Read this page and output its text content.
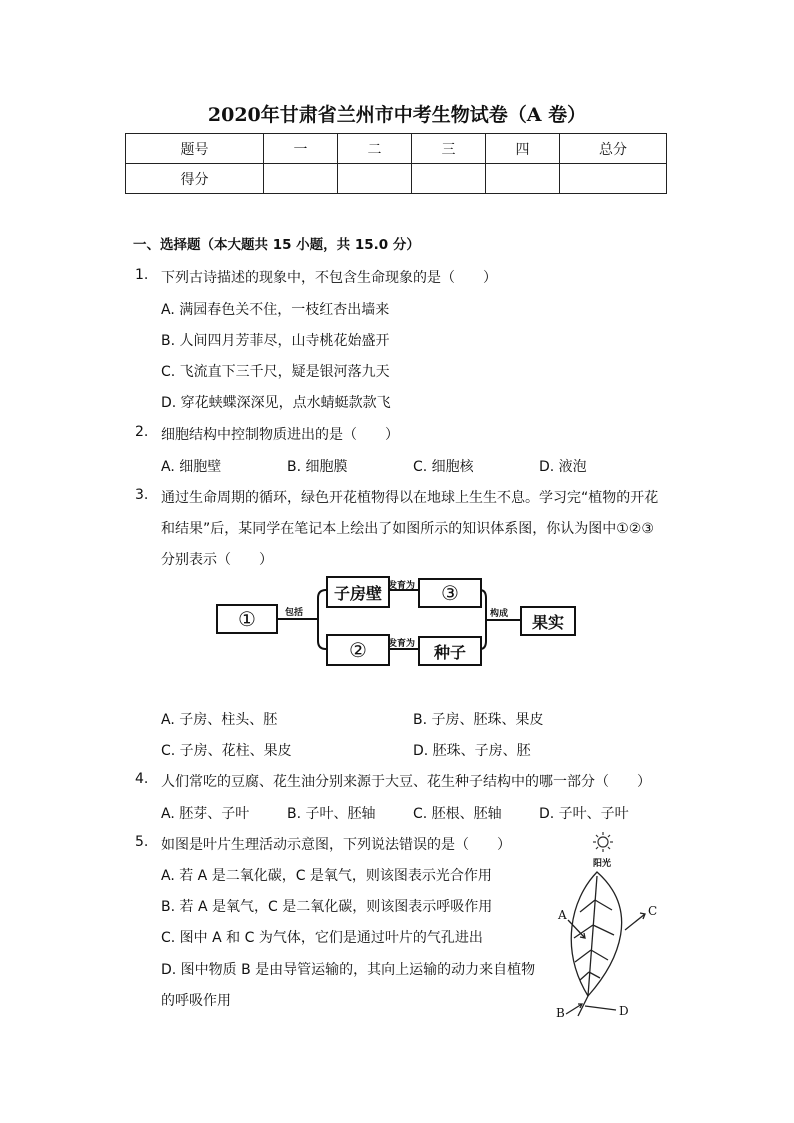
2020年甘肃省兰州市中考生物试卷（A 卷）
题号	一	二	三	四	总分
得分					
一、选择题（本大题共 15 小题，共 15.0 分）
1. 下列古诗描述的现象中，不包含生命现象的是（　　）
A. 满园春色关不住，一枝红杏出墙来
B. 人间四月芳菲尽，山寺桃花始盛开
C. 飞流直下三千尺，疑是银河落九天
D. 穿花蛱蝶深深见，点水蜻蜓款款飞
2. 细胞结构中控制物质进出的是（　　）
A. 细胞壁	B. 细胞膜	C. 细胞核	D. 液泡
3. 通过生命周期的循环，绿色开花植物得以在地球上生生不息。学习完“植物的开花
和结果”后，某同学在笔记本上绘出了如图所示的知识体系图，你认为图中①②③
分别表示（　　）
①
子房壁	③
②	种子
果实
包括
发育为
发育为
构成
A. 子房、柱头、胚	B. 子房、胚珠、果皮
C. 子房、花柱、果皮	D. 胚珠、子房、胚
4. 人们常吃的豆腐、花生油分别来源于大豆、花生种子结构中的哪一部分（　　）
A. 胚芽、子叶	B. 子叶、胚轴	C. 胚根、胚轴	D. 子叶、子叶
5. 如图是叶片生理活动示意图，下列说法错误的是（　　）
A. 若 A 是二氧化碳，C 是氧气，则该图表示光合作用
B. 若 A 是氧气，C 是二氧化碳，则该图表示呼吸作用
C. 图中 A 和 C 为气体，它们是通过叶片的气孔进出
D. 图中物质 B 是由导管运输的，其向上运输的动力来自植物
的呼吸作用
阳光
A	C
B	D
